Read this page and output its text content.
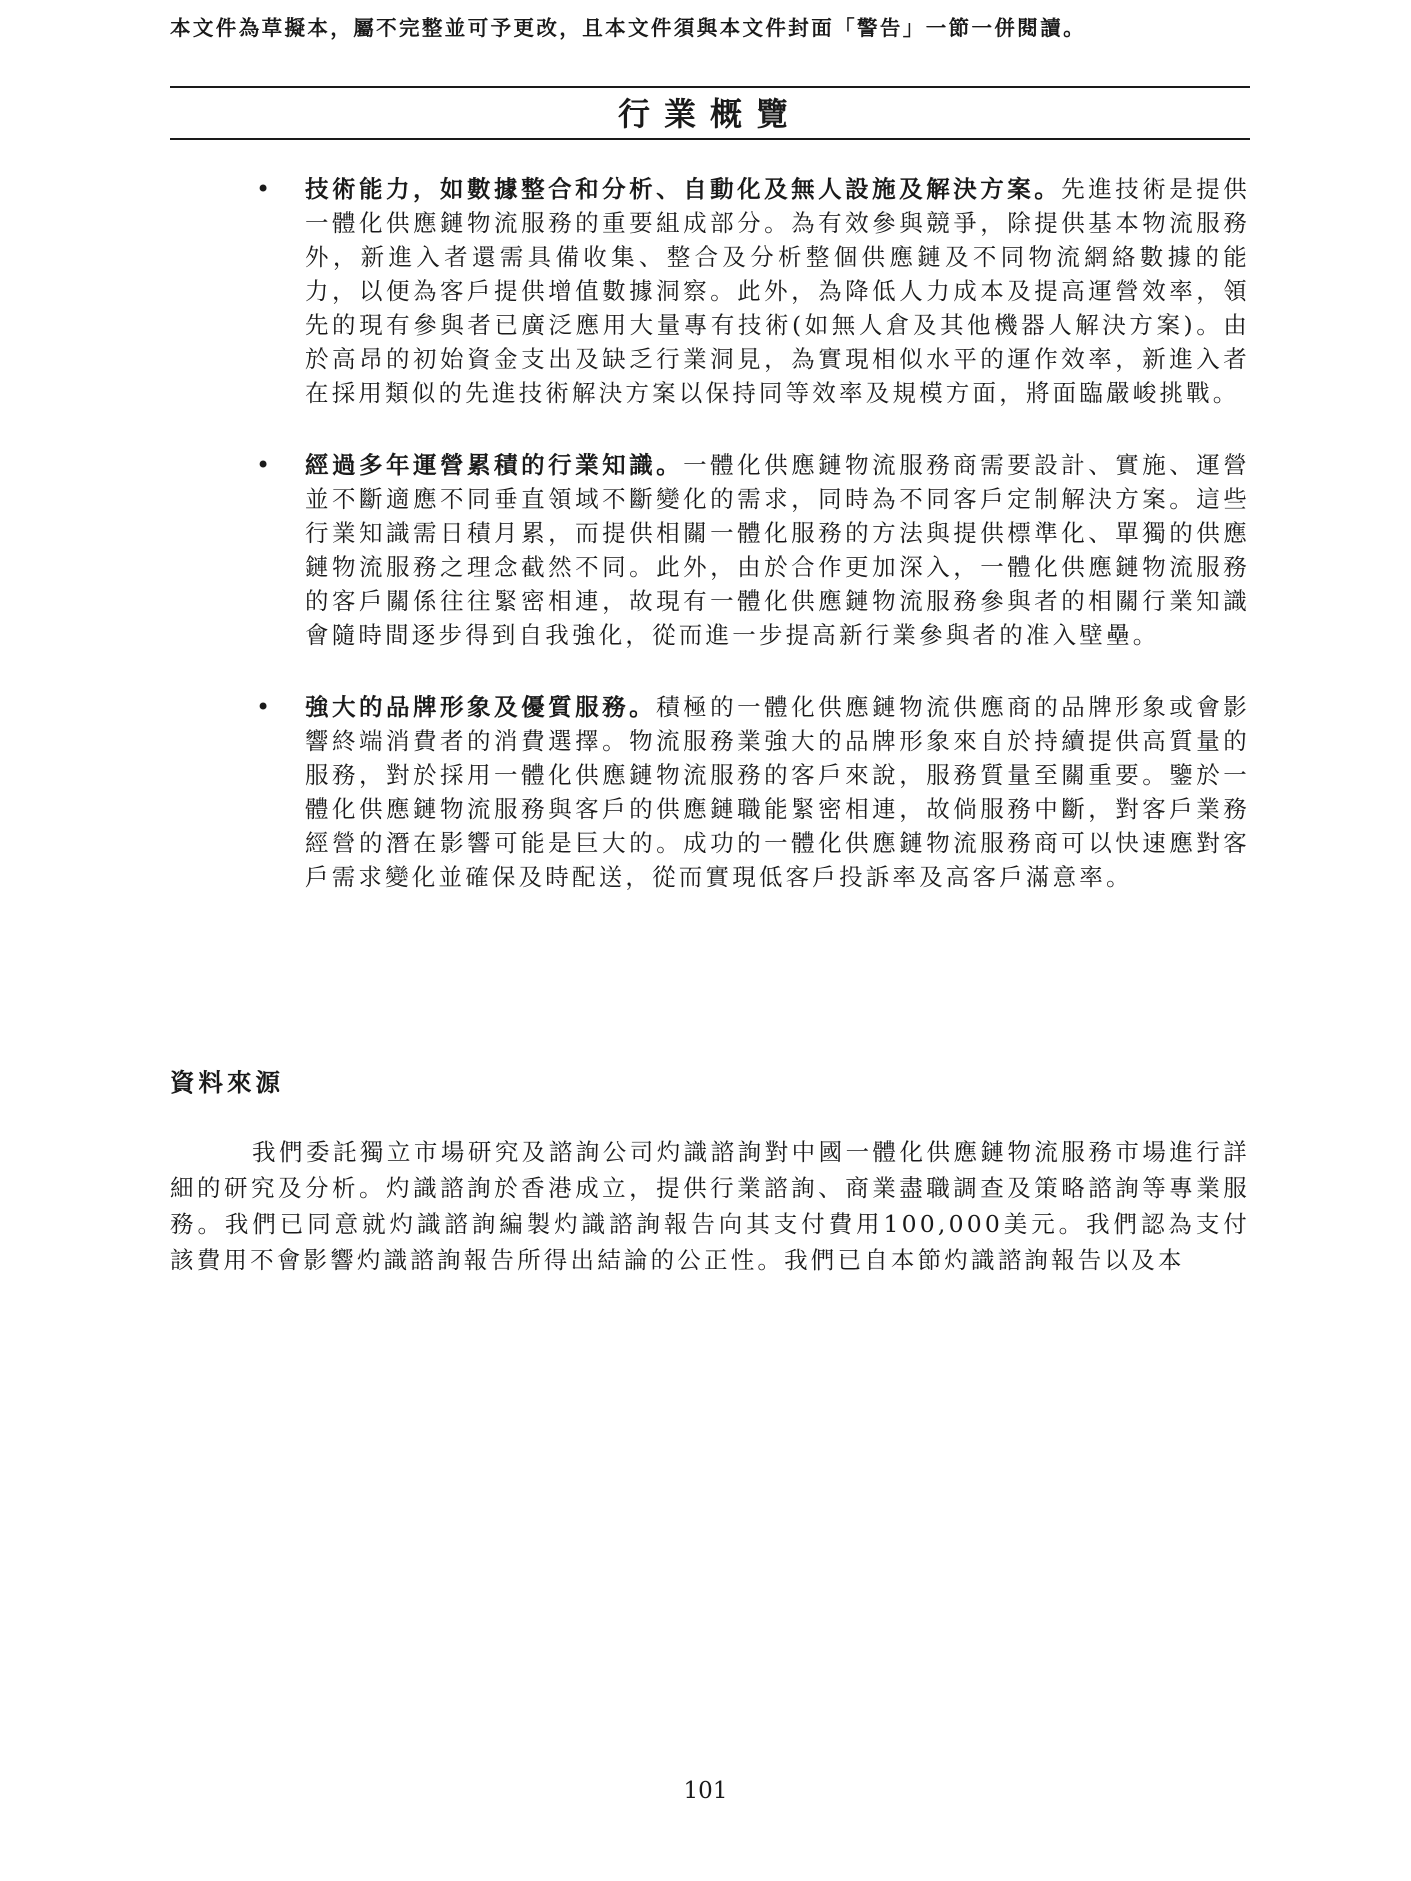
本文件為草擬本，屬不完整並可予更改，且本文件須與本文件封面「警告」一節一併閱讀。
行業概覽
• 技術能力，如數據整合和分析、自動化及無人設施及解決方案。先進技術是提供一體化供應鏈物流服務的重要組成部分。為有效參與競爭，除提供基本物流服務外，新進入者還需具備收集、整合及分析整個供應鏈及不同物流網絡數據的能力，以便為客戶提供增值數據洞察。此外，為降低人力成本及提高運營效率，領先的現有參與者已廣泛應用大量專有技術(如無人倉及其他機器人解決方案)。由於高昂的初始資金支出及缺乏行業洞見，為實現相似水平的運作效率，新進入者在採用類似的先進技術解決方案以保持同等效率及規模方面，將面臨嚴峻挑戰。
• 經過多年運營累積的行業知識。一體化供應鏈物流服務商需要設計、實施、運營並不斷適應不同垂直領域不斷變化的需求，同時為不同客戶定制解決方案。這些行業知識需日積月累，而提供相關一體化服務的方法與提供標準化、單獨的供應鏈物流服務之理念截然不同。此外，由於合作更加深入，一體化供應鏈物流服務的客戶關係往往緊密相連，故現有一體化供應鏈物流服務參與者的相關行業知識會隨時間逐步得到自我強化，從而進一步提高新行業參與者的准入壁壘。
• 強大的品牌形象及優質服務。積極的一體化供應鏈物流供應商的品牌形象或會影響終端消費者的消費選擇。物流服務業強大的品牌形象來自於持續提供高質量的服務，對於採用一體化供應鏈物流服務的客戶來說，服務質量至關重要。鑒於一體化供應鏈物流服務與客戶的供應鏈職能緊密相連，故倘服務中斷，對客戶業務經營的潛在影響可能是巨大的。成功的一體化供應鏈物流服務商可以快速應對客戶需求變化並確保及時配送，從而實現低客戶投訴率及高客戶滿意率。
資料來源
我們委託獨立市場研究及諮詢公司灼識諮詢對中國一體化供應鏈物流服務市場進行詳細的研究及分析。灼識諮詢於香港成立，提供行業諮詢、商業盡職調查及策略諮詢等專業服務。我們已同意就灼識諮詢編製灼識諮詢報告向其支付費用100,000美元。我們認為支付該費用不會影響灼識諮詢報告所得出結論的公正性。我們已自本節灼識諮詢報告以及本
101
